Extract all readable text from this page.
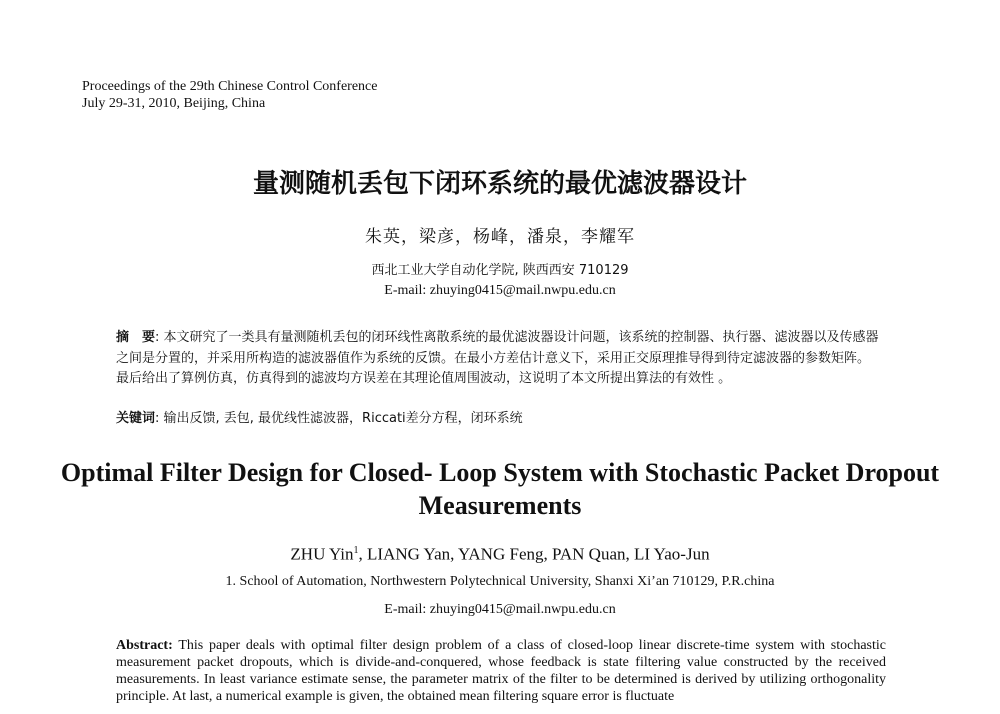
Proceedings of the 29th Chinese Control Conference
July 29-31, 2010, Beijing, China
量测随机丢包下闭环系统的最优滤波器设计
朱英，梁彦，杨峰，潘泉，李耀军
西北工业大学自动化学院, 陕西西安 710129
E-mail: zhuying0415@mail.nwpu.edu.cn
摘　要: 本文研究了一类具有量测随机丢包的闭环线性离散系统的最优滤波器设计问题，该系统的控制器、执行器、滤波器以及传感器之间是分置的，并采用所构造的滤波器值作为系统的反馈。在最小方差估计意义下，采用正交原理推导得到待定滤波器的参数矩阵。 最后给出了算例仿真，仿真得到的滤波均方误差在其理论值周围波动，这说明了本文所提出算法的有效性 。
关键词: 输出反馈, 丢包, 最优线性滤波器，Riccati差分方程，闭环系统
Optimal Filter Design for Closed- Loop System with Stochastic Packet Dropout Measurements
ZHU Yin$^1$, LIANG Yan, YANG Feng, PAN Quan, LI Yao-Jun
1. School of Automation, Northwestern Polytechnical University, Shanxi Xi’an 710129, P.R.china
E-mail: zhuying0415@mail.nwpu.edu.cn
Abstract: This paper deals with optimal filter design problem of a class of closed-loop linear discrete-time system with stochastic measurement packet dropouts, which is divide-and-conquered, whose feedback is state filtering value constructed by the received measurements. In least variance estimate sense, the parameter matrix of the filter to be determined is derived by utilizing orthogonality principle. At last, a numerical example is given, the obtained mean filtering square error is fluctuate
